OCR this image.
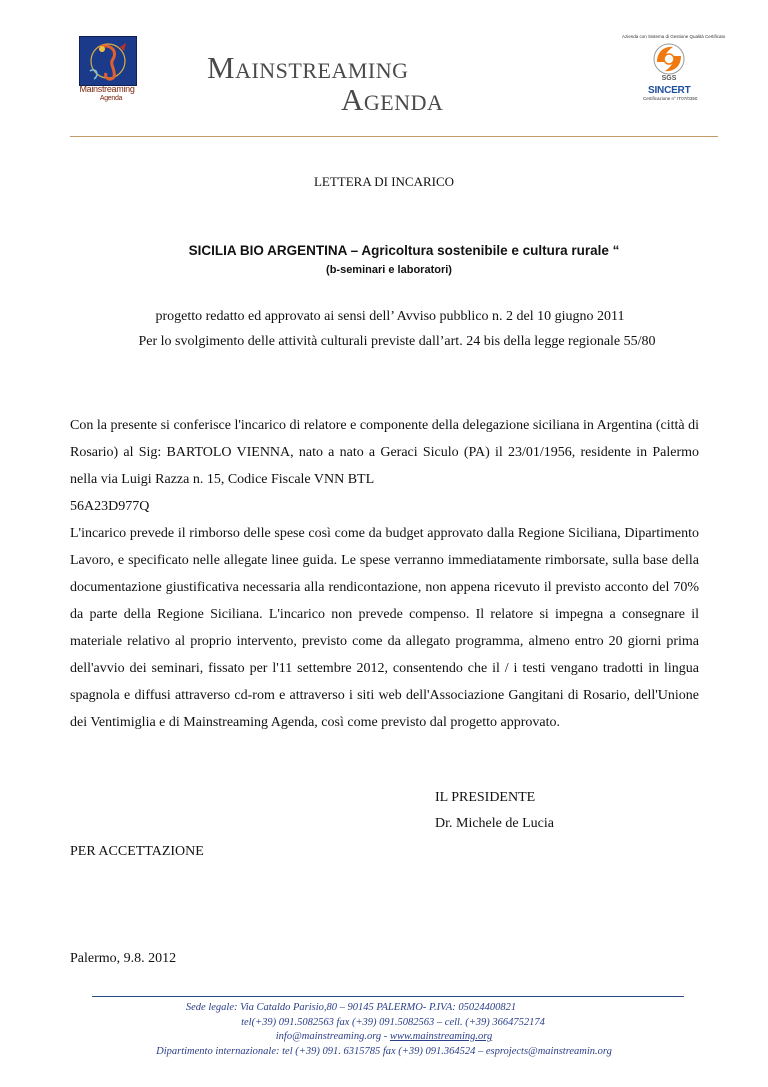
Mainstreaming
Agenda
Mainstreaming
Agenda
Azienda con Sistema di Gestione Qualità Certificato
SGS
SINCERT
Certificazione n° IT07/0350
LETTERA DI INCARICO
SICILIA BIO ARGENTINA – Agricoltura sostenibile e cultura rurale “
(b-seminari e laboratori)
progetto redatto ed approvato ai sensi dell’ Avviso pubblico n. 2 del 10 giugno 2011
Per lo svolgimento delle attività culturali previste dall’art. 24 bis della legge regionale 55/80

Con la presente si conferisce l'incarico di relatore e componente della delegazione siciliana in Argentina (città di Rosario) al Sig: BARTOLO VIENNA, nato a nato a Geraci Siculo (PA) il 23/01/1956, residente in Palermo nella via Luigi Razza n. 15, Codice Fiscale VNN BTL

56A23D977Q

L'incarico prevede il rimborso delle spese così come da budget approvato dalla Regione Siciliana, Dipartimento Lavoro, e specificato nelle allegate linee guida. Le spese verranno immediatamente rimborsate, sulla base della documentazione giustificativa necessaria alla rendicontazione, non appena ricevuto il previsto acconto del 70% da parte della Regione Siciliana. L'incarico non prevede compenso. Il relatore si impegna a consegnare il materiale relativo al proprio intervento, previsto come da allegato programma, almeno entro 20 giorni prima dell'avvio dei seminari, fissato per l'11 settembre 2012, consentendo che il / i testi vengano tradotti in lingua spagnola e diffusi attraverso cd-rom e attraverso i siti web dell'Associazione Gangitani di Rosario, dell'Unione dei Ventimiglia e di Mainstreaming Agenda, così come previsto dal progetto approvato.

IL PRESIDENTE
Dr. Michele de Lucia
PER ACCETTAZIONE
Palermo, 9.8. 2012
Sede legale: Via Cataldo Parisio,80 – 90145 PALERMO- P.IVA: 05024400821
tel(+39) 091.5082563 fax (+39) 091.5082563 – cell. (+39) 3664752174
info@mainstreaming.org - www.mainstreaming.org
Dipartimento internazionale: tel (+39) 091. 6315785 fax (+39) 091.364524 – esprojects@mainstreamin.org
